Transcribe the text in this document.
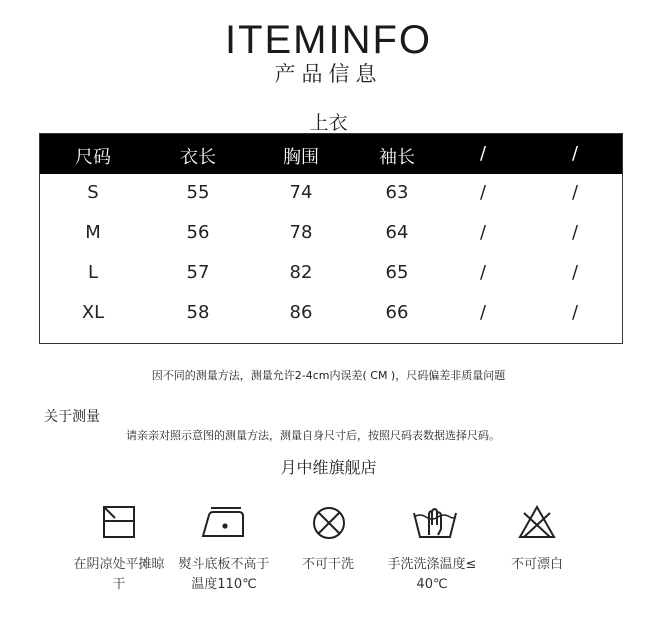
ITEMINFO
产品信息
上衣
尺码	衣长	胸围	袖长	/	/
S	55	74	63	/	/
M	56	78	64	/	/
L	57	82	65	/	/
XL	58	86	66	/	/
因不同的测量方法，测量允许2-4cm内误差( CM )，尺码偏差非质量问题
关于测量
请亲亲对照示意图的测量方法，测量自身尺寸后，按照尺码表数据选择尺码。
月中维旗舰店
在阴凉处平摊晾
干
熨斗底板不高于
温度110℃
不可干洗	手洗洗涤温度≤
40℃
不可漂白
